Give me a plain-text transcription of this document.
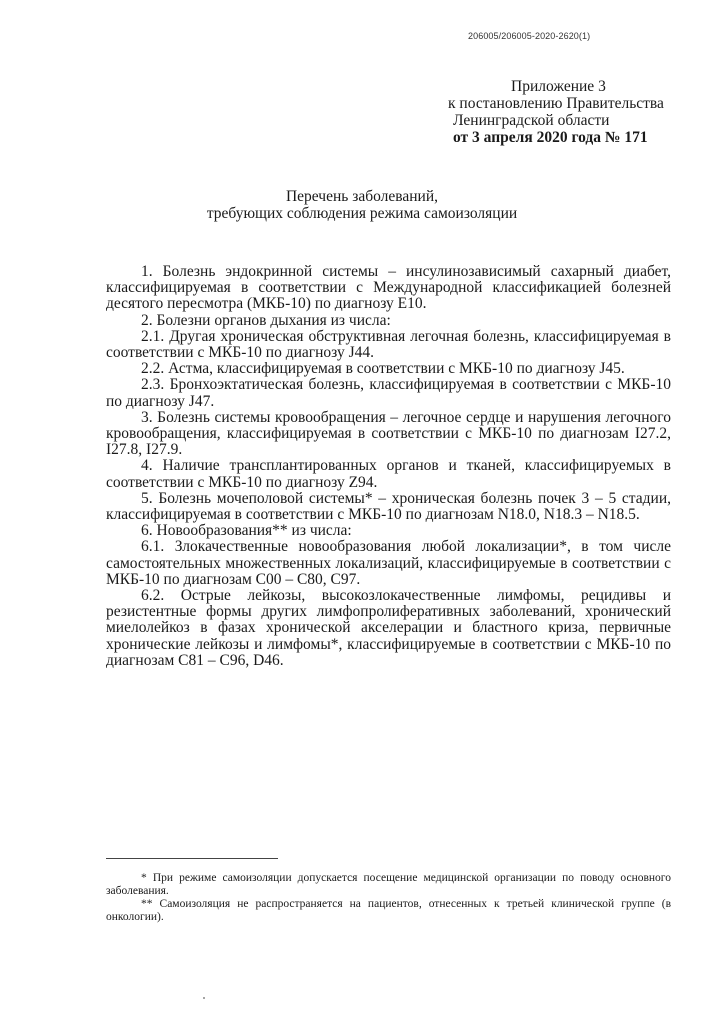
206005/206005-2020-2620(1)
Приложение 3
к постановлению Правительства
Ленинградской области
от 3 апреля 2020 года № 171
Перечень заболеваний,
требующих соблюдения режима самоизоляции

1. Болезнь эндокринной системы – инсулинозависимый сахарный диабет, классифицируемая в соответствии с Международной классификацией болезней десятого пересмотра (МКБ-10) по диагнозу Е10.

2. Болезни органов дыхания из числа:

2.1. Другая хроническая обструктивная легочная болезнь, классифицируемая в соответствии с МКБ-10 по диагнозу J44.

2.2. Астма, классифицируемая в соответствии с МКБ-10 по диагнозу J45.

2.3. Бронхоэктатическая болезнь, классифицируемая в соответствии с МКБ-10 по диагнозу J47.

3. Болезнь системы кровообращения – легочное сердце и нарушения легочного кровообращения, классифицируемая в соответствии с МКБ-10 по диагнозам I27.2, I27.8, I27.9.

4. Наличие трансплантированных органов и тканей, классифицируемых в соответствии с МКБ-10 по диагнозу Z94.

5. Болезнь мочеполовой системы* – хроническая болезнь почек 3 – 5 стадии, классифицируемая в соответствии с МКБ-10 по диагнозам N18.0, N18.3 – N18.5.

6. Новообразования** из числа:

6.1. Злокачественные новообразования любой локализации*, в том числе самостоятельных множественных локализаций, классифицируемые в соответствии с МКБ-10 по диагнозам С00 – С80, С97.

6.2. Острые лейкозы, высокозлокачественные лимфомы, рецидивы и резистентные формы других лимфопролиферативных заболеваний, хронический миелолейкоз в фазах хронической акселерации и бластного криза, первичные хронические лейкозы и лимфомы*, классифицируемые в соответствии с МКБ-10 по диагнозам С81 – С96, D46.

* При режиме самоизоляции допускается посещение медицинской организации по поводу основного заболевания.

** Самоизоляция не распространяется на пациентов, отнесенных к третьей клинической группе (в онкологии).
